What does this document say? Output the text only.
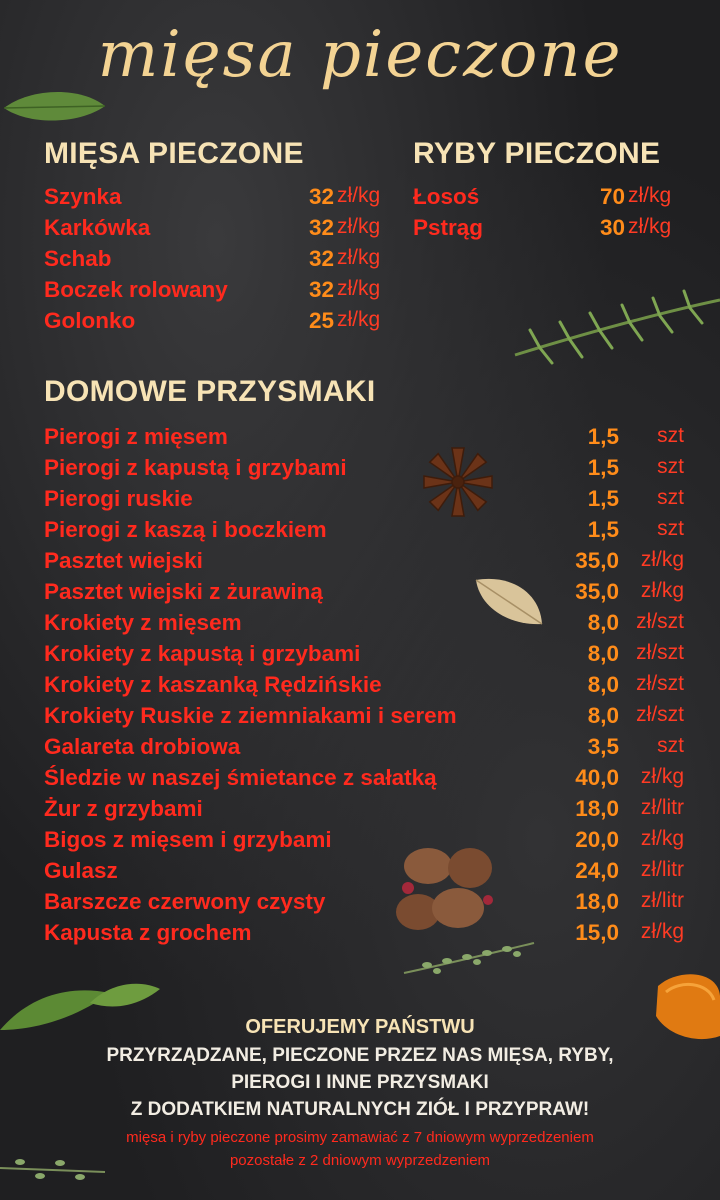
mięsa pieczone
MIĘSA PIECZONE
Szynka	32 zł/kg
Karkówka	32 zł/kg
Schab	32 zł/kg
Boczek rolowany	32 zł/kg
Golonko	25 zł/kg
RYBY PIECZONE
Łosoś	70 zł/kg
Pstrąg	30 zł/kg
DOMOWE PRZYSMAKI
Pierogi z mięsem	1,5	szt
Pierogi z kapustą i grzybami	1,5	szt
Pierogi ruskie	1,5	szt
Pierogi z kaszą i boczkiem	1,5	szt
Pasztet wiejski	35,0	zł/kg
Pasztet wiejski z żurawiną	35,0	zł/kg
Krokiety z mięsem	8,0 zł/szt
Krokiety z kapustą i grzybami	8,0 zł/szt
Krokiety z kaszanką Rędzińskie	8,0 zł/szt
Krokiety Ruskie z ziemniakami i serem	8,0 zł/szt
Galareta drobiowa	3,5	szt
Śledzie w naszej śmietance z sałatką	40,0	zł/kg
Żur z grzybami	18,0	zł/litr
Bigos z mięsem i grzybami	20,0	zł/kg
Gulasz	24,0	zł/litr
Barszcze czerwony czysty	18,0	zł/litr
Kapusta z grochem	15,0	zł/kg
OFERUJEMY PAŃSTWU
PRZYRZĄDZANE, PIECZONE PRZEZ NAS MIĘSA, RYBY,
PIEROGI I INNE PRZYSMAKI
Z DODATKIEM NATURALNYCH ZIÓŁ I PRZYPRAW!
mięsa i ryby pieczone prosimy zamawiać z 7 dniowym wyprzedzeniem
pozostałe z 2 dniowym wyprzedzeniem
